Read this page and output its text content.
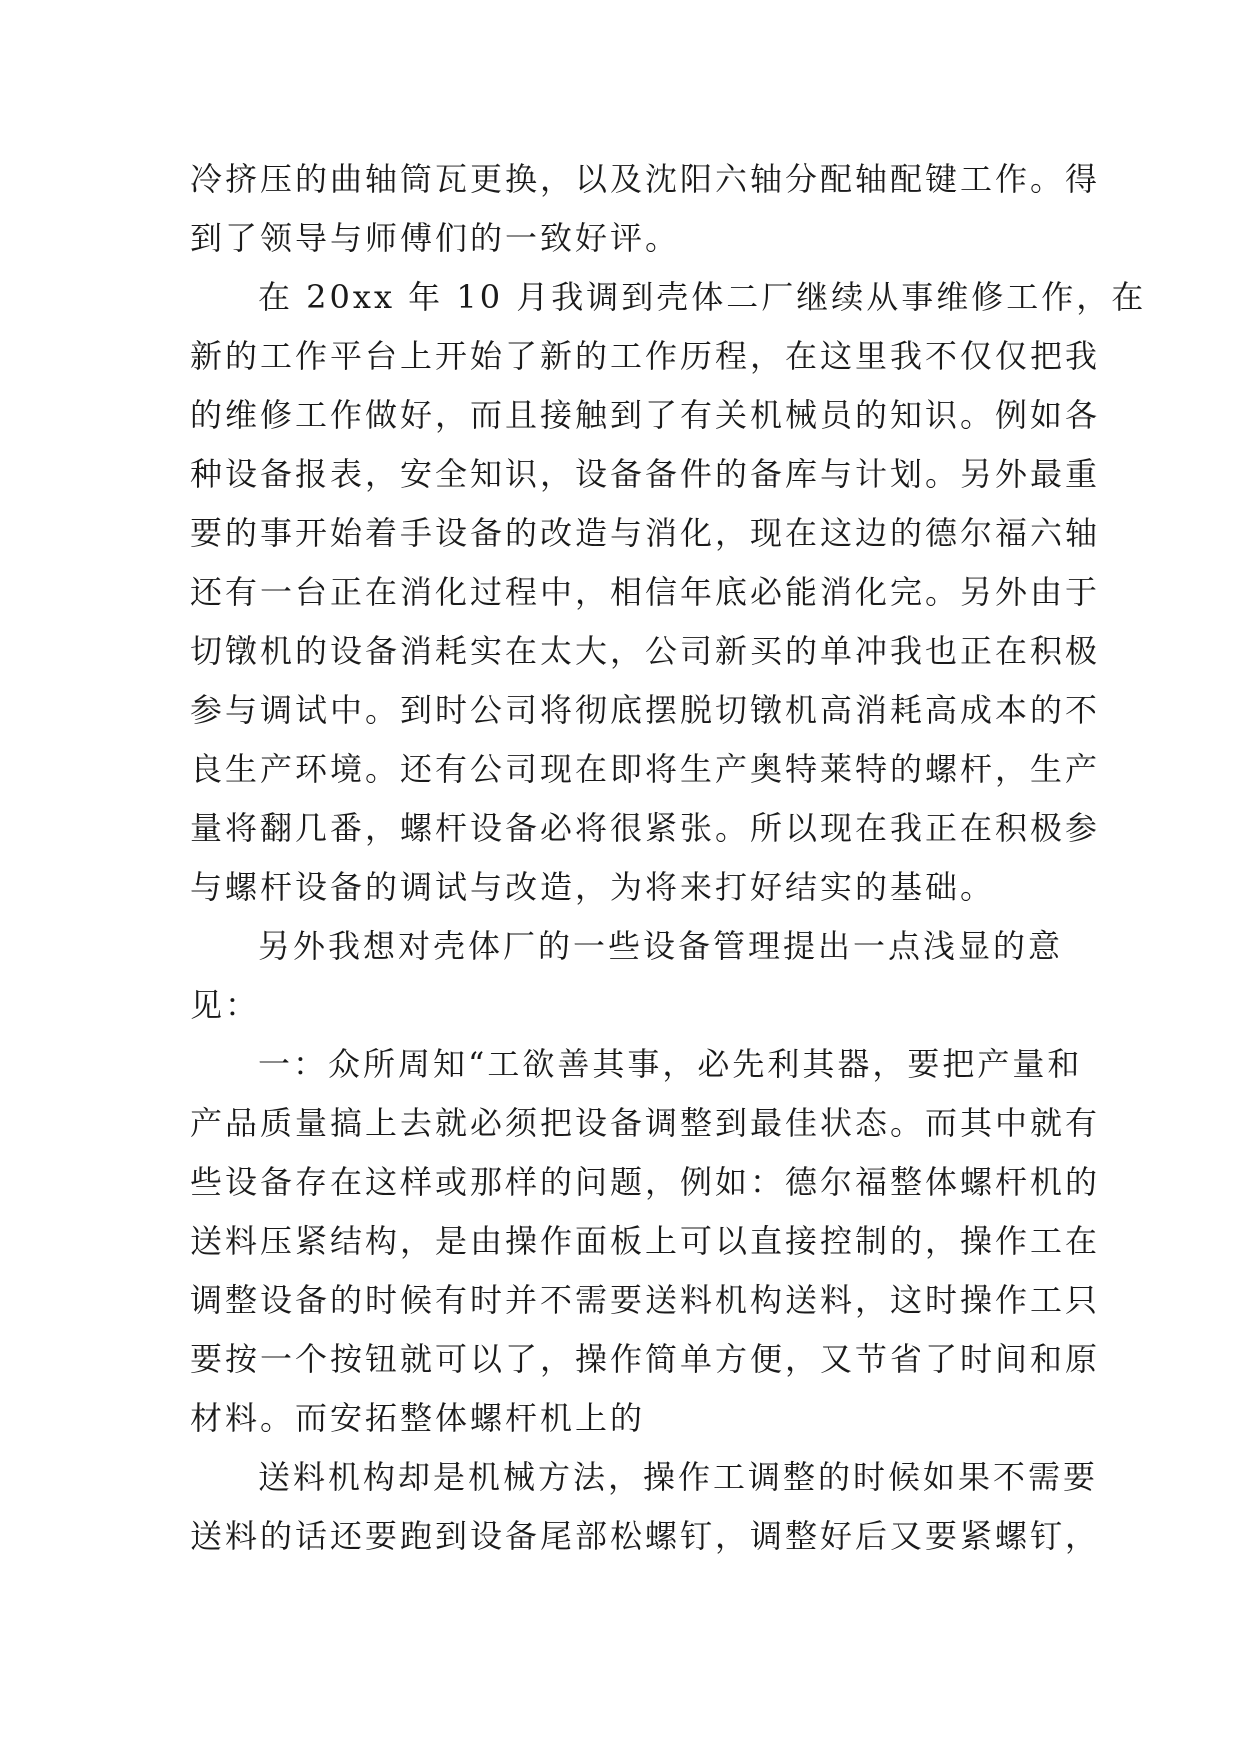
冷挤压的曲轴筒瓦更换，以及沈阳六轴分配轴配键工作。得
到了领导与师傅们的一致好评。
在 20xx 年 10 月我调到壳体二厂继续从事维修工作，在
新的工作平台上开始了新的工作历程，在这里我不仅仅把我
的维修工作做好，而且接触到了有关机械员的知识。例如各
种设备报表，安全知识，设备备件的备库与计划。另外最重
要的事开始着手设备的改造与消化，现在这边的德尔福六轴
还有一台正在消化过程中，相信年底必能消化完。另外由于
切镦机的设备消耗实在太大，公司新买的单冲我也正在积极
参与调试中。到时公司将彻底摆脱切镦机高消耗高成本的不
良生产环境。还有公司现在即将生产奥特莱特的螺杆，生产
量将翻几番，螺杆设备必将很紧张。所以现在我正在积极参
与螺杆设备的调试与改造，为将来打好结实的基础。
另外我想对壳体厂的一些设备管理提出一点浅显的意
见：
一：众所周知“工欲善其事，必先利其器，要把产量和
产品质量搞上去就必须把设备调整到最佳状态。而其中就有
些设备存在这样或那样的问题，例如：德尔福整体螺杆机的
送料压紧结构，是由操作面板上可以直接控制的，操作工在
调整设备的时候有时并不需要送料机构送料，这时操作工只
要按一个按钮就可以了，操作简单方便，又节省了时间和原
材料。而安拓整体螺杆机上的
送料机构却是机械方法，操作工调整的时候如果不需要
送料的话还要跑到设备尾部松螺钉，调整好后又要紧螺钉，
